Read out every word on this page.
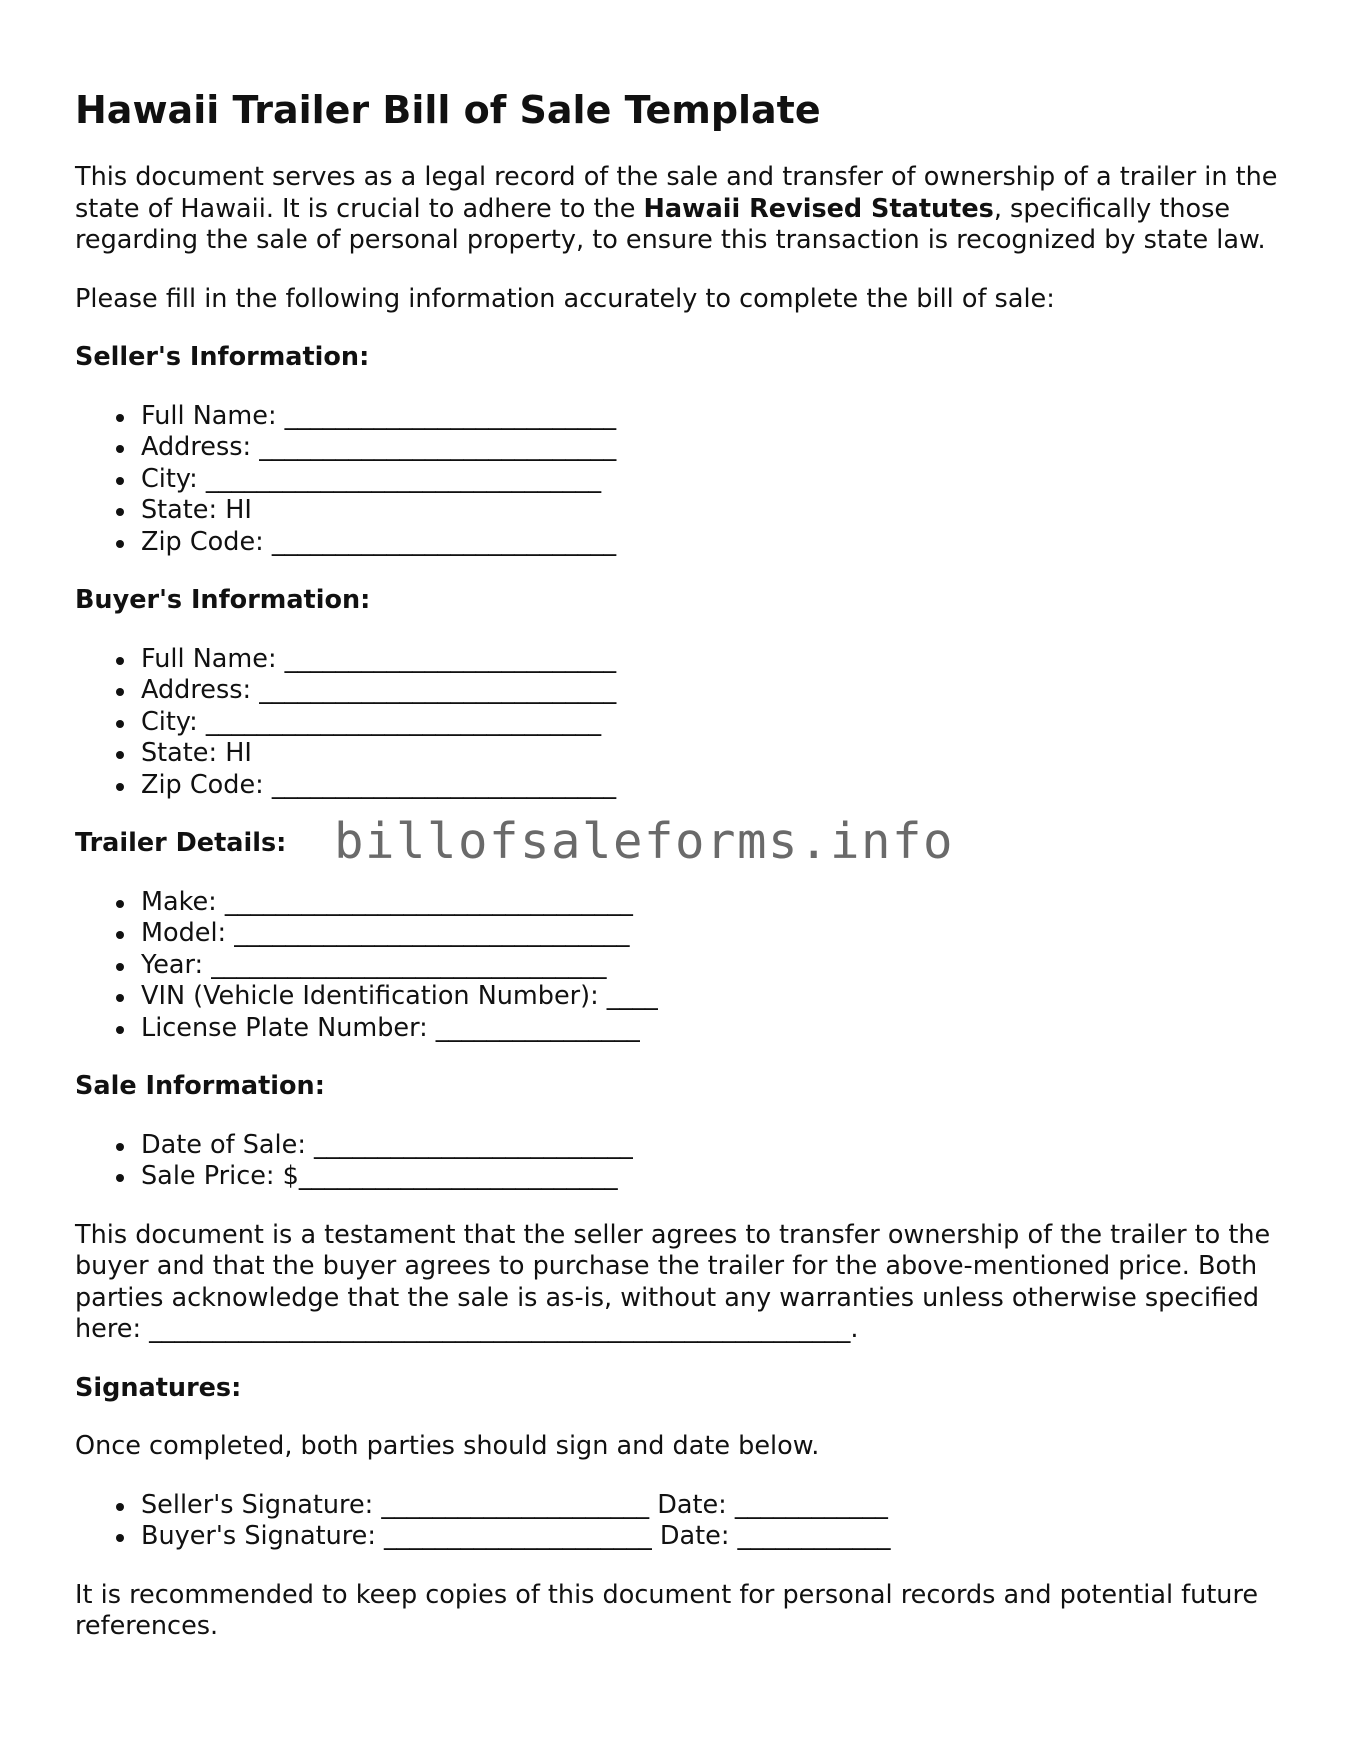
Hawaii Trailer Bill of Sale Template

This document serves as a legal record of the sale and transfer of ownership of a trailer in the state of Hawaii. It is crucial to adhere to the Hawaii Revised Statutes, specifically those regarding the sale of personal property, to ensure this transaction is recognized by state law.

Please fill in the following information accurately to complete the bill of sale:

Seller's Information:
Full Name: __________________________
Address: ____________________________
City: _______________________________
State: HI
Zip Code: ___________________________
Buyer's Information:
Full Name: __________________________
Address: ____________________________
City: _______________________________
State: HI
Zip Code: ___________________________
Trailer Details: billofsaleforms.info
Make: ________________________________
Model: _______________________________
Year: _______________________________
VIN (Vehicle Identification Number): ____
License Plate Number: ________________
Sale Information:
Date of Sale: _________________________
Sale Price: $_________________________

This document is a testament that the seller agrees to transfer ownership of the trailer to the buyer and that the buyer agrees to purchase the trailer for the above-mentioned price. Both parties acknowledge that the sale is as-is, without any warranties unless otherwise specified here: _______________________________________________________.

Signatures:

Once completed, both parties should sign and date below.

Seller's Signature: _____________________ Date: ____________
Buyer's Signature: _____________________ Date: ____________

It is recommended to keep copies of this document for personal records and potential future references.
